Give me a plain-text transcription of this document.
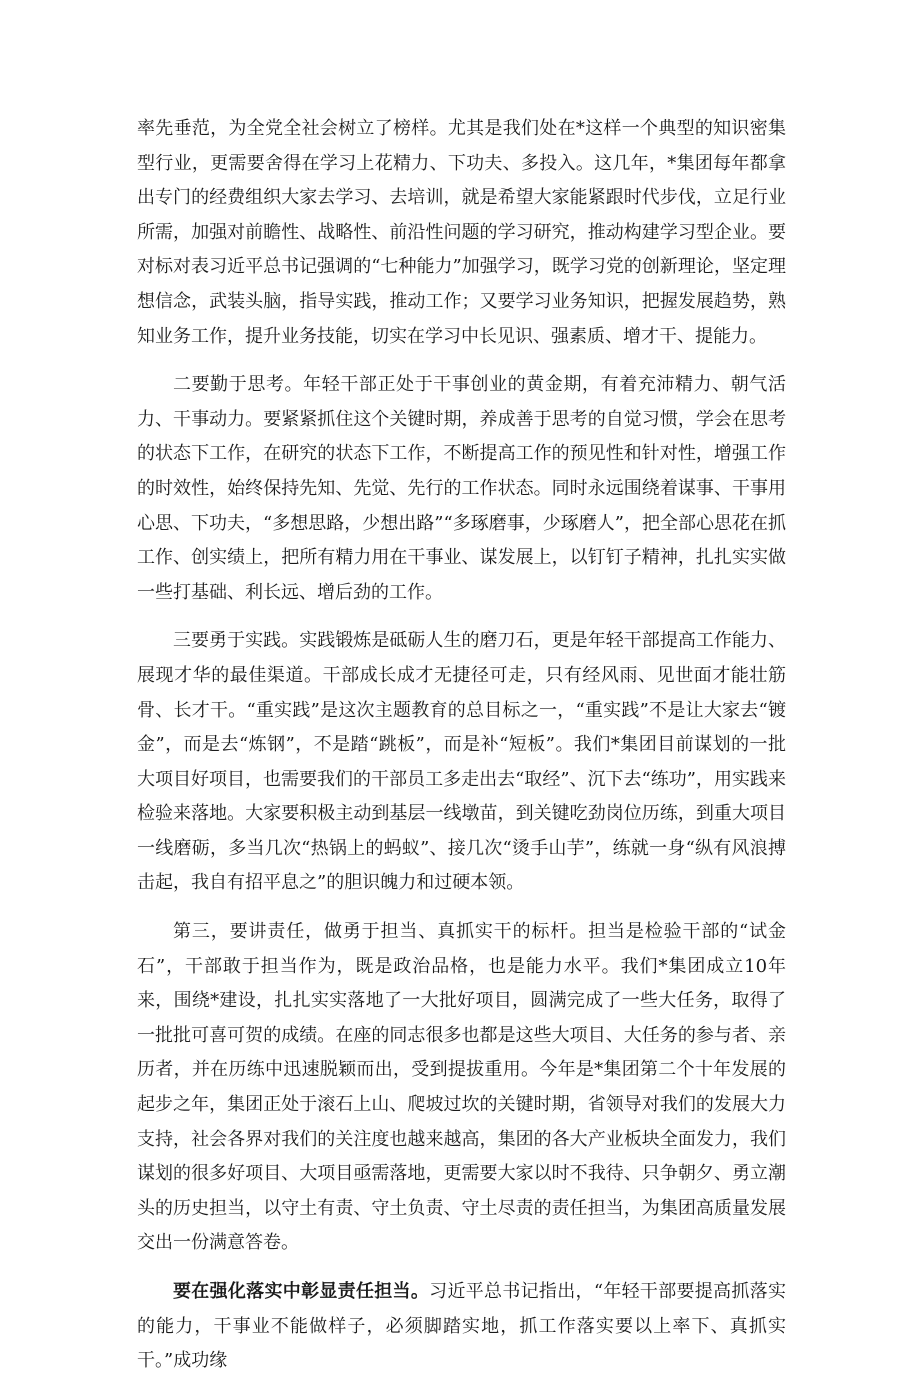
率先垂范，为全党全社会树立了榜样。尤其是我们处在*这样一个典型的知识密集型行业，更需要舍得在学习上花精力、下功夫、多投入。这几年，*集团每年都拿出专门的经费组织大家去学习、去培训，就是希望大家能紧跟时代步伐，立足行业所需，加强对前瞻性、战略性、前沿性问题的学习研究，推动构建学习型企业。要对标对表习近平总书记强调的“七种能力”加强学习，既学习党的创新理论，坚定理想信念，武装头脑，指导实践，推动工作；又要学习业务知识，把握发展趋势，熟知业务工作，提升业务技能，切实在学习中长见识、强素质、增才干、提能力。

二要勤于思考。年轻干部正处于干事创业的黄金期，有着充沛精力、朝气活力、干事动力。要紧紧抓住这个关键时期，养成善于思考的自觉习惯，学会在思考的状态下工作，在研究的状态下工作，不断提高工作的预见性和针对性，增强工作的时效性，始终保持先知、先觉、先行的工作状态。同时永远围绕着谋事、干事用心思、下功夫，“多想思路，少想出路”“多琢磨事，少琢磨人”，把全部心思花在抓工作、创实绩上，把所有精力用在干事业、谋发展上，以钉钉子精神，扎扎实实做一些打基础、利长远、增后劲的工作。

三要勇于实践。实践锻炼是砥砺人生的磨刀石，更是年轻干部提高工作能力、展现才华的最佳渠道。干部成长成才无捷径可走，只有经风雨、见世面才能壮筋骨、长才干。“重实践”是这次主题教育的总目标之一，“重实践”不是让大家去“镀金”，而是去“炼钢”，不是踏“跳板”，而是补“短板”。我们*集团目前谋划的一批大项目好项目，也需要我们的干部员工多走出去“取经”、沉下去“练功”，用实践来检验来落地。大家要积极主动到基层一线墩苗，到关键吃劲岗位历练，到重大项目一线磨砺，多当几次“热锅上的蚂蚁”、接几次“烫手山芋”，练就一身“纵有风浪搏击起，我自有招平息之”的胆识魄力和过硬本领。

第三，要讲责任，做勇于担当、真抓实干的标杆。担当是检验干部的“试金石”，干部敢于担当作为，既是政治品格，也是能力水平。我们*集团成立10年来，围绕*建设，扎扎实实落地了一大批好项目，圆满完成了一些大任务，取得了一批批可喜可贺的成绩。在座的同志很多也都是这些大项目、大任务的参与者、亲历者，并在历练中迅速脱颖而出，受到提拔重用。今年是*集团第二个十年发展的起步之年，集团正处于滚石上山、爬坡过坎的关键时期，省领导对我们的发展大力支持，社会各界对我们的关注度也越来越高，集团的各大产业板块全面发力，我们谋划的很多好项目、大项目亟需落地，更需要大家以时不我待、只争朝夕、勇立潮头的历史担当，以守土有责、守土负责、守土尽责的责任担当，为集团高质量发展交出一份满意答卷。

要在强化落实中彰显责任担当。习近平总书记指出，“年轻干部要提高抓落实的能力，干事业不能做样子，必须脚踏实地，抓工作落实要以上率下、真抓实干。”成功缘
